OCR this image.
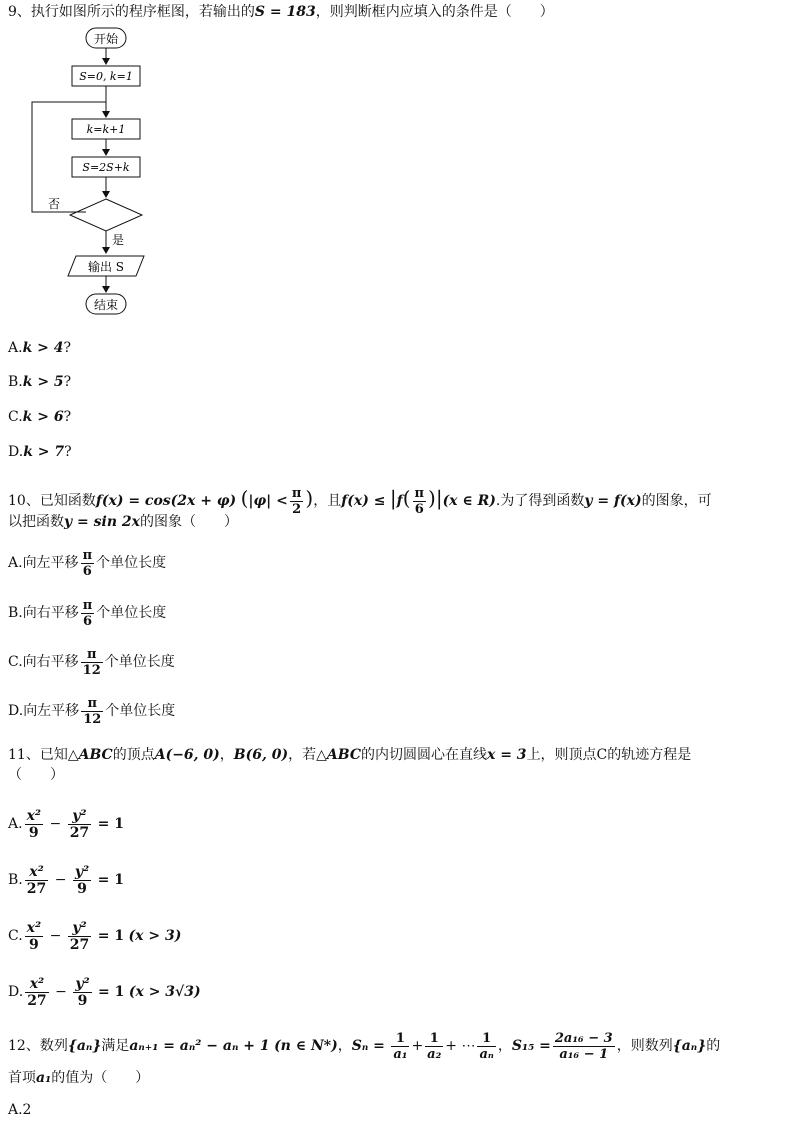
9、执行如图所示的程序框图，若输出的S = 183，则判断框内应填入的条件是（　　）
开始
S=0, k=1
k=k+1
S=2S+k
否
是
输出 S
结束
A.k > 4?
B.k > 5?
C.k > 6?
D.k > 7?
10、已知函数f(x) = cos(2x + φ) ($|\varphi| < \frac{\pi}{2}$ )，且$f(x) \le |f( \frac{\pi}{6} )|(x$ ∈ R).为了得到函数y = f(x)的图象，可
以把函数y = sin 2x的图象（　　）
A.向左平移 $\frac{\pi}{6}$ 个单位长度
B.向右平移 $\frac{\pi}{6}$ 个单位长度
C.向右平移 $\frac{\pi}{12}$ 个单位长度
D.向左平移 $\frac{\pi}{12}$ 个单位长度
11、已知△ABC的顶点A(−6, 0)，B(6, 0)，若△ABC的内切圆圆心在直线x = 3上，则顶点C的轨迹方程是
（　　）
A. $\frac{\text{x²}}{9} - \frac{\text{y²}}{27} = 1$
B. $\frac{\text{x²}}{27} - \frac{\text{y²}}{9} = 1$
C. $\frac{\text{x²}}{9} - \frac{\text{y²}}{27} = 1$ (x > 3)
D. $\frac{\text{x²}}{27} - \frac{\text{y²}}{9} = 1$ (x > 3√3)
12、数列{aₙ}满足aₙ₊₁ = aₙ² − aₙ + 1 (n ∈ N*)，$S_n = \frac{1}{\text{a₁}} + \frac{1}{\text{a₂}}$ + ⋯ $\frac{1}{\text{aₙ}}$ ，$S_{15} = \frac{\text{2a₁₆ − 3}}{\text{a₁₆ − 1}}$ ，则数列{aₙ}的
首项a₁的值为（　　）
A.2
